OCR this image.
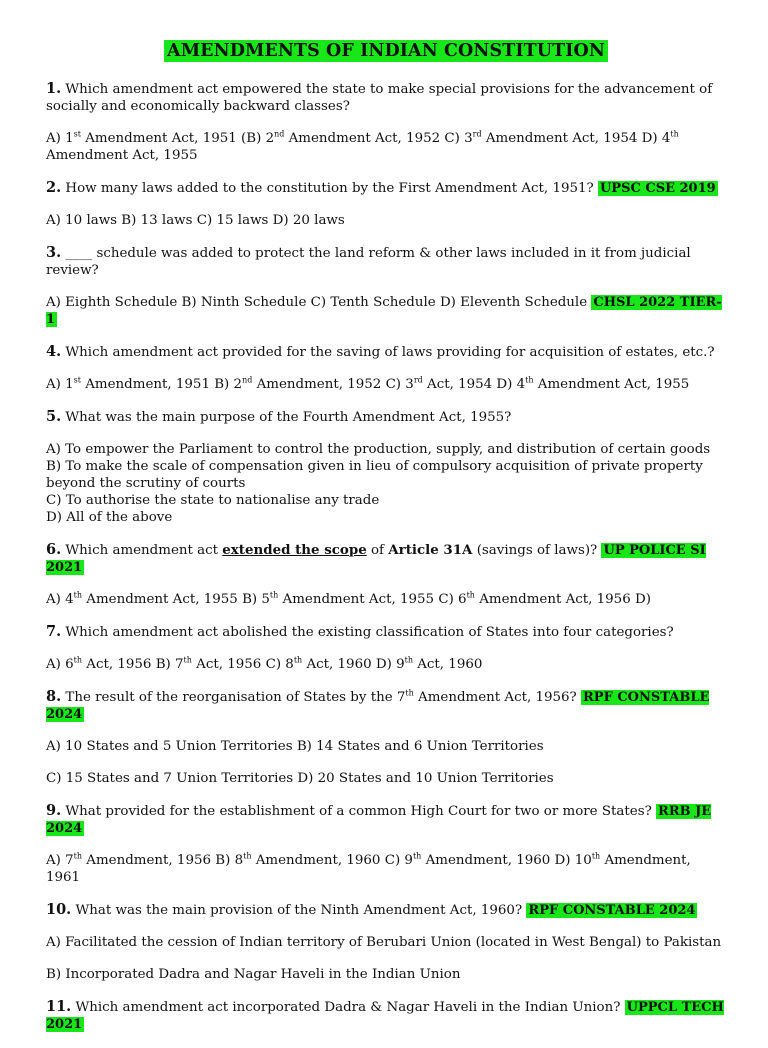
AMENDMENTS OF INDIAN CONSTITUTION
1. Which amendment act empowered the state to make special provisions for the advancement of socially and economically backward classes?
A) 1st Amendment Act, 1951 (B) 2nd Amendment Act, 1952 C) 3rd Amendment Act, 1954 D) 4th Amendment Act, 1955
2. How many laws added to the constitution by the First Amendment Act, 1951? UPSC CSE 2019
A) 10 laws B) 13 laws C) 15 laws D) 20 laws
3. ____ schedule was added to protect the land reform & other laws included in it from judicial review?
A) Eighth Schedule B) Ninth Schedule C) Tenth Schedule D) Eleventh Schedule CHSL 2022 TIER-1
4. Which amendment act provided for the saving of laws providing for acquisition of estates, etc.?
A) 1st Amendment, 1951 B) 2nd Amendment, 1952 C) 3rd Act, 1954 D) 4th Amendment Act, 1955
5. What was the main purpose of the Fourth Amendment Act, 1955?
A) To empower the Parliament to control the production, supply, and distribution of certain goods
B) To make the scale of compensation given in lieu of compulsory acquisition of private property beyond the scrutiny of courts
C) To authorise the state to nationalise any trade
D) All of the above
6. Which amendment act extended the scope of Article 31A (savings of laws)? UP POLICE SI 2021
A) 4th Amendment Act, 1955 B) 5th Amendment Act, 1955 C) 6th Amendment Act, 1956 D)
7. Which amendment act abolished the existing classification of States into four categories?
A) 6th Act, 1956 B) 7th Act, 1956 C) 8th Act, 1960 D) 9th Act, 1960
8. The result of the reorganisation of States by the 7th Amendment Act, 1956? RPF CONSTABLE 2024
A) 10 States and 5 Union Territories B) 14 States and 6 Union Territories
C) 15 States and 7 Union Territories D) 20 States and 10 Union Territories
9. What provided for the establishment of a common High Court for two or more States? RRB JE 2024
A) 7th Amendment, 1956 B) 8th Amendment, 1960 C) 9th Amendment, 1960 D) 10th Amendment, 1961
10. What was the main provision of the Ninth Amendment Act, 1960? RPF CONSTABLE 2024
A) Facilitated the cession of Indian territory of Berubari Union (located in West Bengal) to Pakistan
B) Incorporated Dadra and Nagar Haveli in the Indian Union
11. Which amendment act incorporated Dadra & Nagar Haveli in the Indian Union? UPPCL TECH 2021
